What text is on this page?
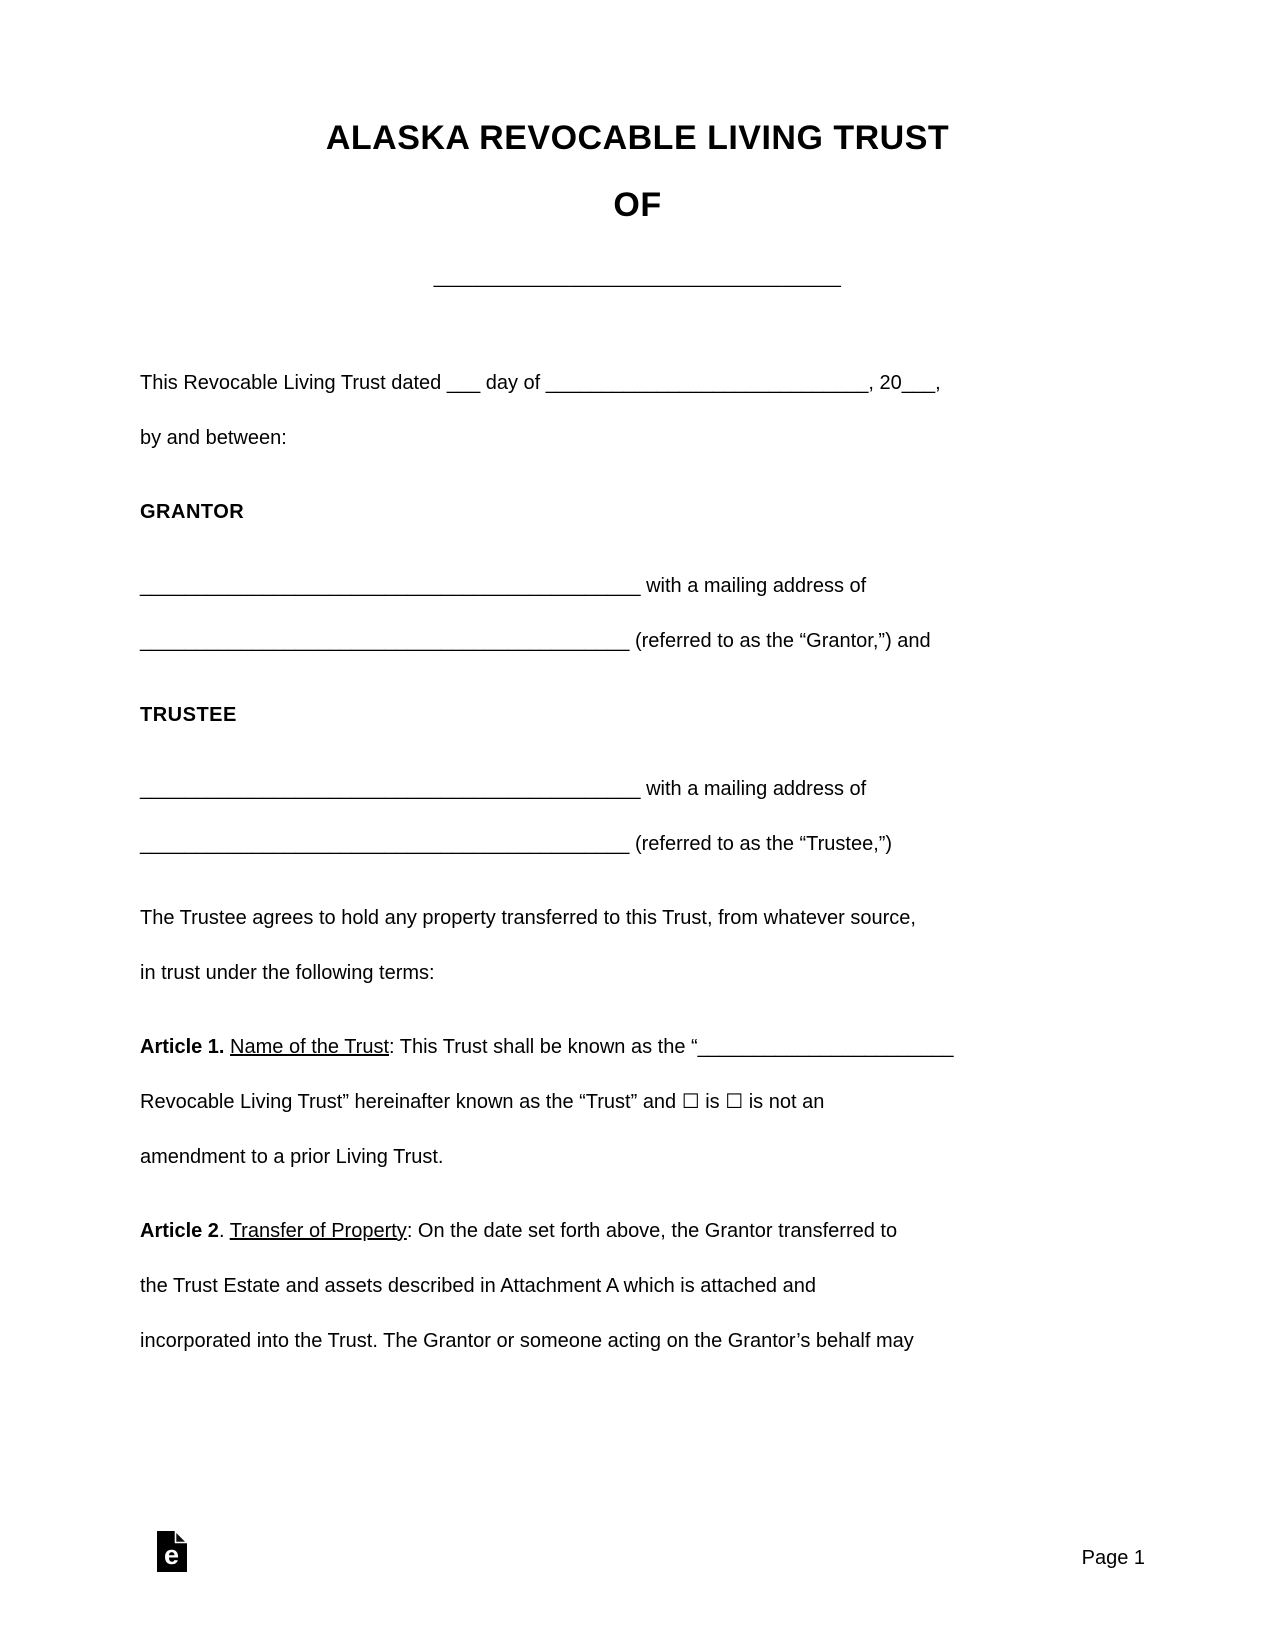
ALASKA REVOCABLE LIVING TRUST
OF
_____________________

This Revocable Living Trust dated ___ day of _____________________________, 20___,
by and between:

GRANTOR

_____________________________________________ with a mailing address of
____________________________________________ (referred to as the “Grantor,”) and

TRUSTEE

_____________________________________________ with a mailing address of
____________________________________________ (referred to as the “Trustee,”)

The Trustee agrees to hold any property transferred to this Trust, from whatever source,
in trust under the following terms:

Article 1. Name of the Trust: This Trust shall be known as the “_______________________
Revocable Living Trust” hereinafter known as the “Trust” and ☐ is ☐ is not an
amendment to a prior Living Trust.

Article 2. Transfer of Property: On the date set forth above, the Grantor transferred to
the Trust Estate and assets described in Attachment A which is attached and
incorporated into the Trust. The Grantor or someone acting on the Grantor’s behalf may

e	Page 1
